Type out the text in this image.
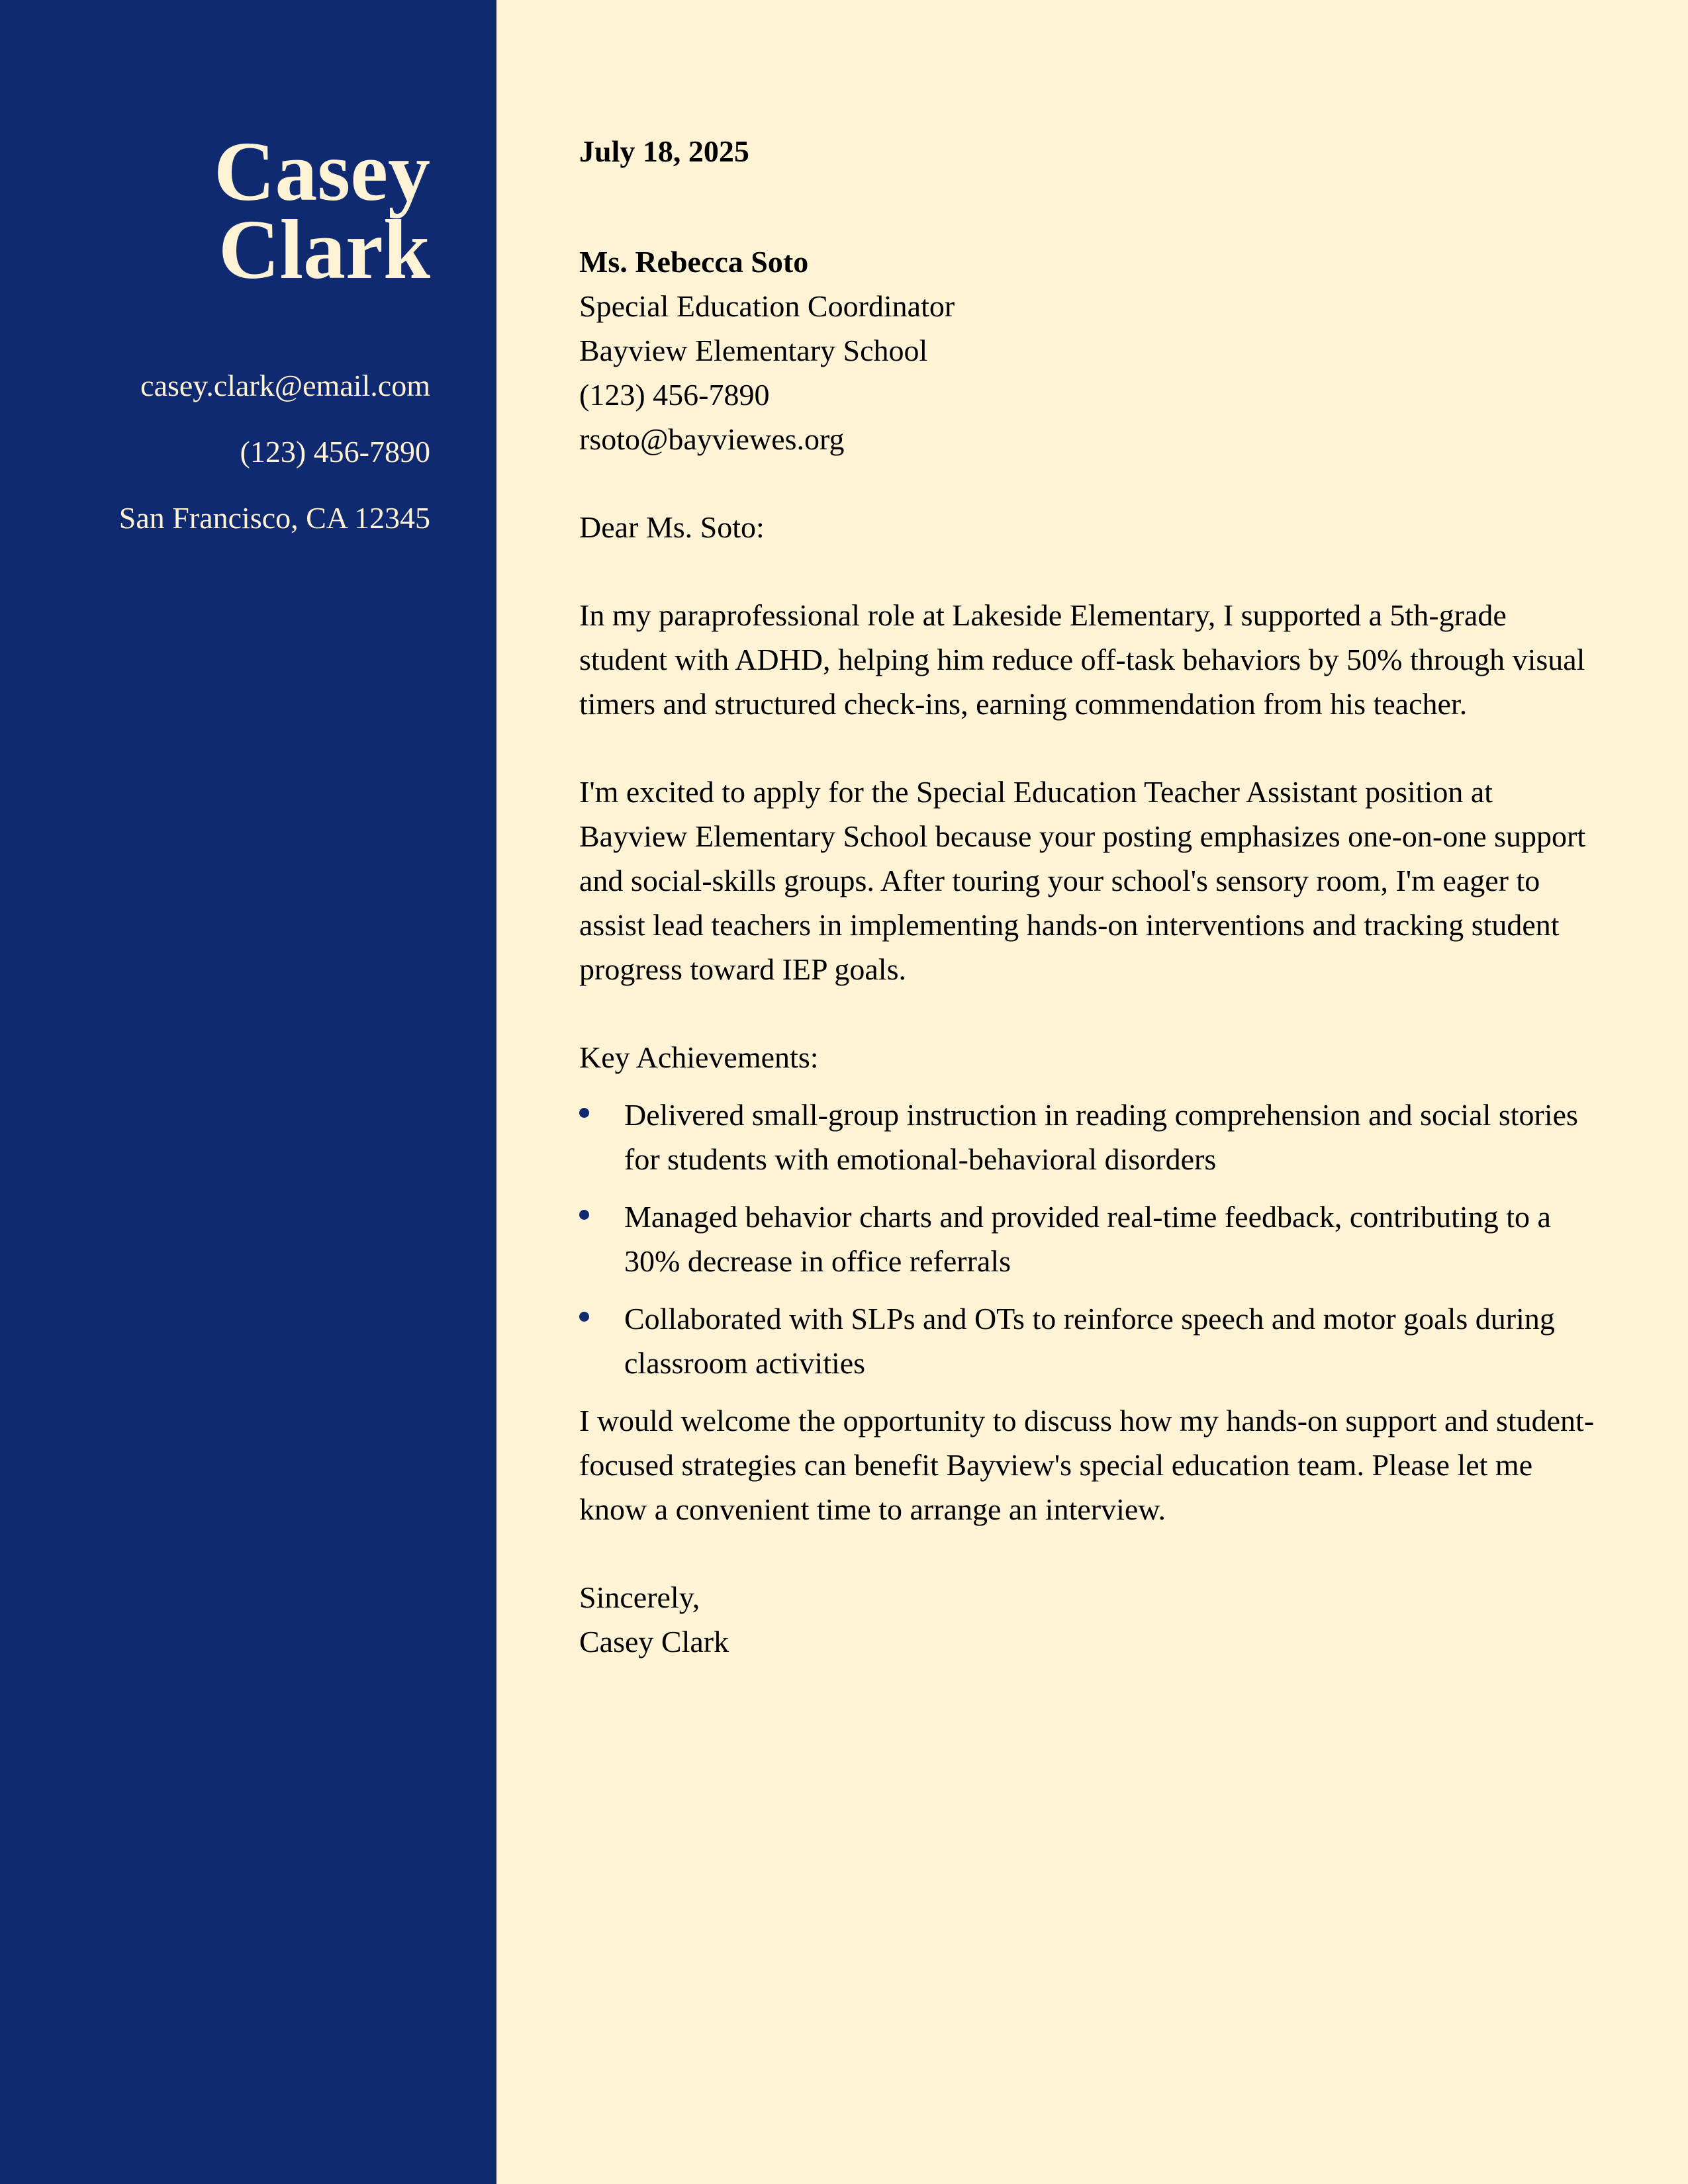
Casey
Clark
casey.clark@email.com
(123) 456-7890
San Francisco, CA 12345
July 18, 2025
Ms. Rebecca Soto
Special Education Coordinator
Bayview Elementary School
(123) 456-7890
rsoto@bayviewes.org
Dear Ms. Soto:

In my paraprofessional role at Lakeside Elementary, I supported a 5th-grade student with ADHD, helping him reduce off-task behaviors by 50% through visual timers and structured check-ins, earning commendation from his teacher.

I'm excited to apply for the Special Education Teacher Assistant position at Bayview Elementary School because your posting emphasizes one-on-one support and social-skills groups. After touring your school's sensory room, I'm eager to assist lead teachers in implementing hands-on interventions and tracking student progress toward IEP goals.

Key Achievements:
Delivered small-group instruction in reading comprehension and social stories for students with emotional-behavioral disorders
Managed behavior charts and provided real-time feedback, contributing to a 30% decrease in office referrals
Collaborated with SLPs and OTs to reinforce speech and motor goals during classroom activities

I would welcome the opportunity to discuss how my hands-on support and student-focused strategies can benefit Bayview's special education team. Please let me know a convenient time to arrange an interview.

Sincerely,
Casey Clark
